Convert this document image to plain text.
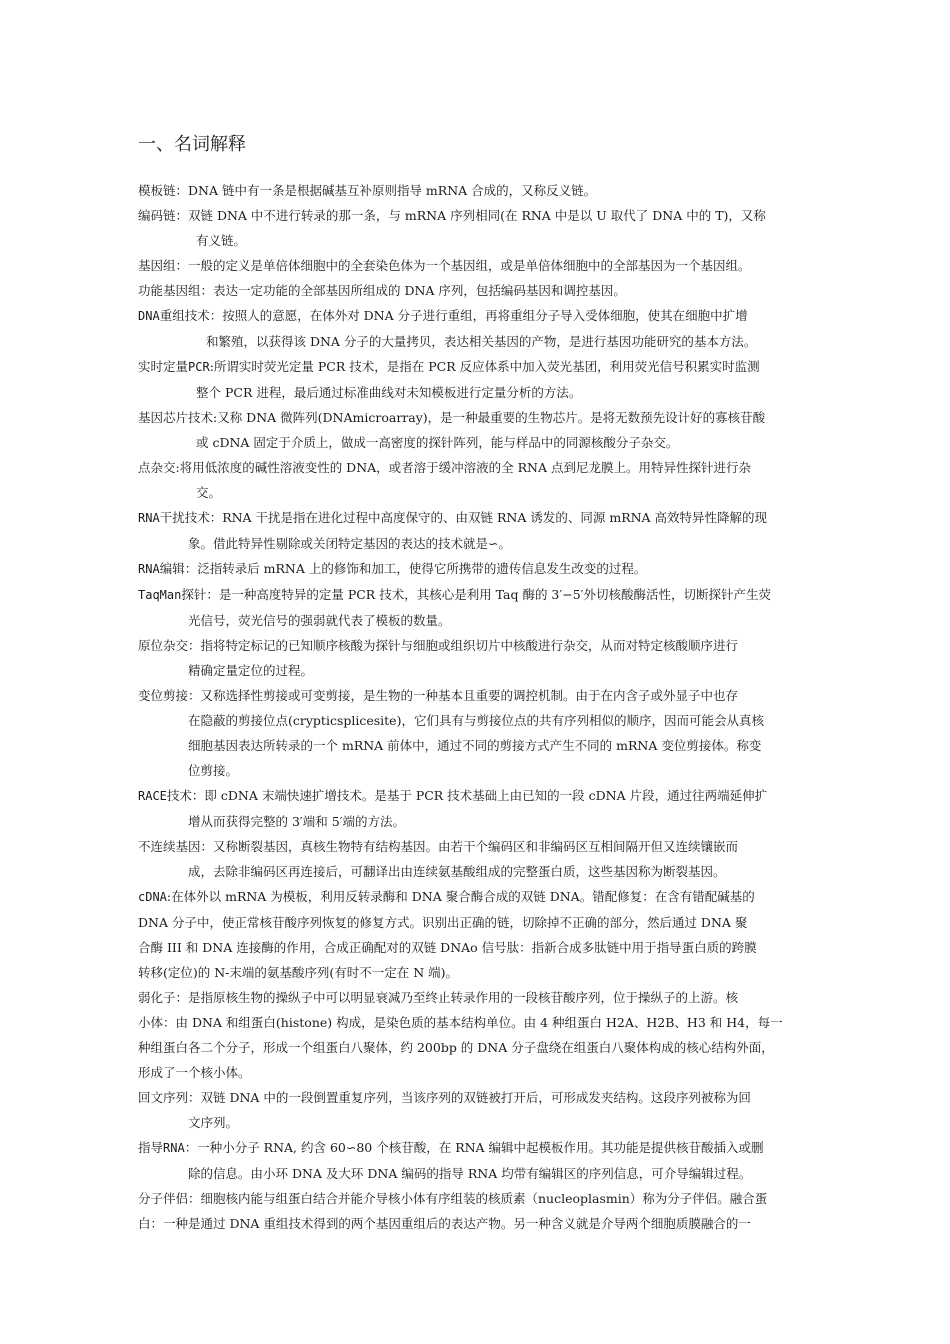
一、名词解释

模板链：DNA 链中有一条是根据碱基互补原则指导 mRNA 合成的，又称反义链。

编码链：双链 DNA 中不进行转录的那一条，与 mRNA 序列相同(在 RNA 中是以 U 取代了 DNA 中的 T)，又称

有义链。

基因组：一般的定义是单倍体细胞中的全套染色体为一个基因组，或是单倍体细胞中的全部基因为一个基因组。

功能基因组：表达一定功能的全部基因所组成的 DNA 序列，包括编码基因和调控基因。

DNA重组技术：按照人的意愿，在体外对 DNA 分子进行重组，再将重组分子导入受体细胞，使其在细胞中扩增

和繁殖，以获得该 DNA 分子的大量拷贝，表达相关基因的产物，是进行基因功能研究的基本方法。

实时定量PCR:所谓实时荧光定量 PCR 技术，是指在 PCR 反应体系中加入荧光基团，利用荧光信号积累实时监测

整个 PCR 进程，最后通过标准曲线对未知模板进行定量分析的方法。

基因芯片技术:又称 DNA 微阵列(DNAmicroarray)，是一种最重要的生物芯片。是将无数预先设计好的寡核苷酸

或 cDNA 固定于介质上，做成一高密度的探针阵列，能与样品中的同源核酸分子杂交。

点杂交:将用低浓度的碱性溶液变性的 DNA，或者溶于缓冲溶液的全 RNA 点到尼龙膜上。用特异性探针进行杂

交。

RNA干扰技术：RNA 干扰是指在进化过程中高度保守的、由双链 RNA 诱发的、同源 mRNA 高效特异性降解的现

象。借此特异性剔除或关闭特定基因的表达的技术就是∽。

RNA编辑：泛指转录后 mRNA 上的修饰和加工，使得它所携带的遗传信息发生改变的过程。

TaqMan探针：是一种高度特异的定量 PCR 技术，其核心是利用 Taq 酶的 3′−5′外切核酸酶活性，切断探针产生荧

光信号，荧光信号的强弱就代表了模板的数量。

原位杂交：指将特定标记的已知顺序核酸为探针与细胞或组织切片中核酸进行杂交，从而对特定核酸顺序进行

精确定量定位的过程。

变位剪接：又称选择性剪接或可变剪接，是生物的一种基本且重要的调控机制。由于在内含子或外显子中也存

在隐蔽的剪接位点(crypticsplicesite)，它们具有与剪接位点的共有序列相似的顺序，因而可能会从真核

细胞基因表达所转录的一个 mRNA 前体中，通过不同的剪接方式产生不同的 mRNA 变位剪接体。称变

位剪接。

RACE技术：即 cDNA 末端快速扩增技术。是基于 PCR 技术基础上由已知的一段 cDNA 片段，通过往两端延伸扩

增从而获得完整的 3′端和 5′端的方法。

不连续基因：又称断裂基因，真核生物特有结构基因。由若干个编码区和非编码区互相间隔开但又连续镶嵌而

成，去除非编码区再连接后，可翻译出由连续氨基酸组成的完整蛋白质，这些基因称为断裂基因。

cDNA:在体外以 mRNA 为模板，利用反转录酶和 DNA 聚合酶合成的双链 DNA。错配修复：在含有错配碱基的

DNA 分子中，使正常核苷酸序列恢复的修复方式。识别出正确的链，切除掉不正确的部分，然后通过 DNA 聚

合酶 III 和 DNA 连接酶的作用，合成正确配对的双链 DNAo 信号肽：指新合成多肽链中用于指导蛋白质的跨膜

转移(定位)的 N-末端的氨基酸序列(有时不一定在 N 端)。

弱化子：是指原核生物的操纵子中可以明显衰减乃至终止转录作用的一段核苷酸序列，位于操纵子的上游。核

小体：由 DNA 和组蛋白(histone) 构成，是染色质的基本结构单位。由 4 种组蛋白 H2A、H2B、H3 和 H4，每一

种组蛋白各二个分子，形成一个组蛋白八聚体，约 200bp 的 DNA 分子盘绕在组蛋白八聚体构成的核心结构外面，

形成了一个核小体。

回文序列：双链 DNA 中的一段倒置重复序列，当该序列的双链被打开后，可形成发夹结构。这段序列被称为回

文序列。

指导RNA：一种小分子 RNA, 约含 60∽80 个核苷酸，在 RNA 编辑中起模板作用。其功能是提供核苷酸插入或删

除的信息。由小环 DNA 及大环 DNA 编码的指导 RNA 均带有编辑区的序列信息，可介导编辑过程。

分子伴侣：细胞核内能与组蛋白结合并能介导核小体有序组装的核质素（nucleoplasmin）称为分子伴侣。融合蛋

白：一种是通过 DNA 重组技术得到的两个基因重组后的表达产物。另一种含义就是介导两个细胞质膜融合的一
